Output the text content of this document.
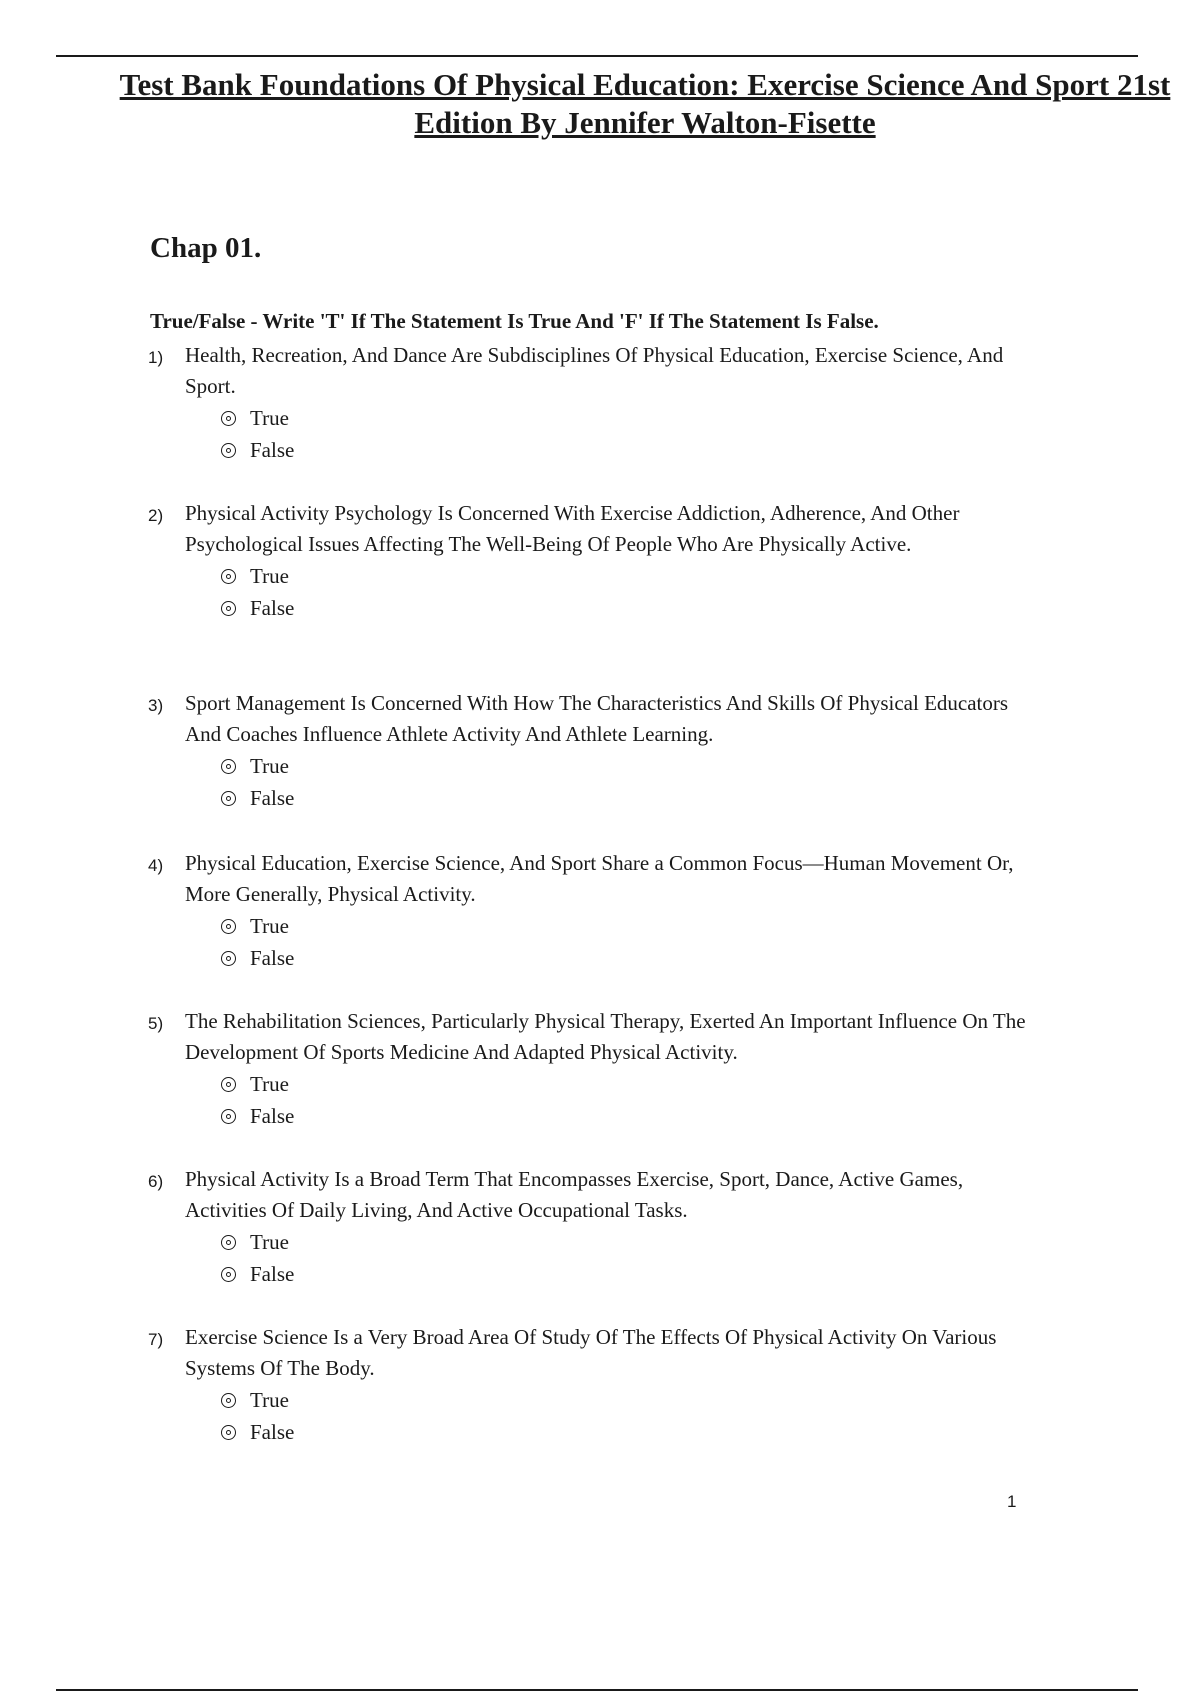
Test Bank Foundations Of Physical Education: Exercise Science And Sport 21st Edition By Jennifer Walton-Fisette
Chap 01.

True/False - Write 'T' If The Statement Is True And 'F' If The Statement Is False.

1) Health, Recreation, And Dance Are Subdisciplines Of Physical Education, Exercise Science, And Sport.
True
False
2) Physical Activity Psychology Is Concerned With Exercise Addiction, Adherence, And Other Psychological Issues Affecting The Well-Being Of People Who Are Physically Active.
True
False
3) Sport Management Is Concerned With How The Characteristics And Skills Of Physical Educators And Coaches Influence Athlete Activity And Athlete Learning.
True
False
4) Physical Education, Exercise Science, And Sport Share a Common Focus—Human Movement Or, More Generally, Physical Activity.
True
False
5) The Rehabilitation Sciences, Particularly Physical Therapy, Exerted An Important Influence On The Development Of Sports Medicine And Adapted Physical Activity.
True
False
6) Physical Activity Is a Broad Term That Encompasses Exercise, Sport, Dance, Active Games, Activities Of Daily Living, And Active Occupational Tasks.
True
False
7) Exercise Science Is a Very Broad Area Of Study Of The Effects Of Physical Activity On Various Systems Of The Body.
True
False
1
